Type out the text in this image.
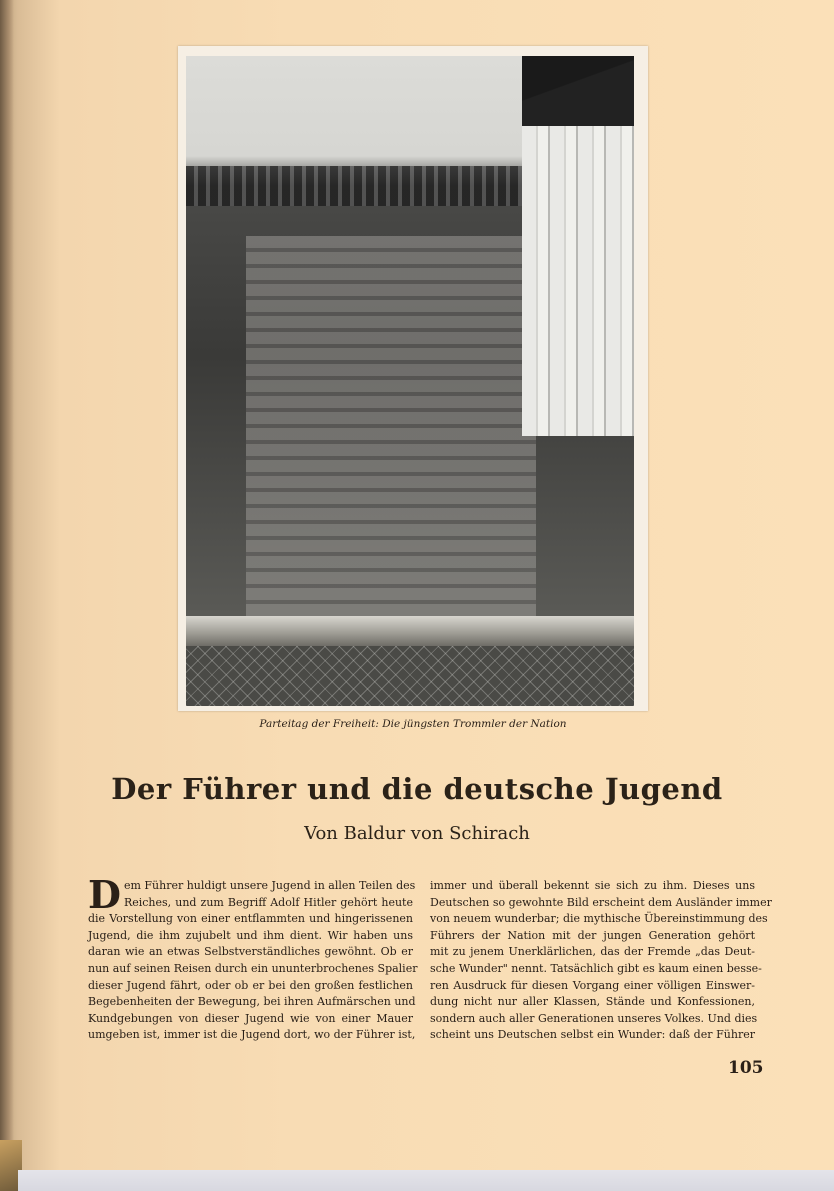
Parteitag der Freiheit: Die jüngsten Trommler der Nation
Der Führer und die deutsche Jugend
Von Baldur von Schirach
D em Führer huldigt unsere Jugend in allen Teilen des
Reiches, und zum Begriff Adolf Hitler gehört heute
die Vorstellung von einer entflammten und hingerissenen
Jugend, die ihm zujubelt und ihm dient. Wir haben uns
daran wie an etwas Selbstverständliches gewöhnt. Ob er
nun auf seinen Reisen durch ein ununterbrochenes Spalier
dieser Jugend fährt, oder ob er bei den großen festlichen
Begebenheiten der Bewegung, bei ihren Aufmärschen und
Kundgebungen von dieser Jugend wie von einer Mauer
umgeben ist, immer ist die Jugend dort, wo der Führer ist,
immer und überall bekennt sie sich zu ihm. Dieses uns
Deutschen so gewohnte Bild erscheint dem Ausländer immer
von neuem wunderbar; die mythische Übereinstimmung des
Führers der Nation mit der jungen Generation gehört
mit zu jenem Unerklärlichen, das der Fremde „das Deut-
sche Wunder" nennt. Tatsächlich gibt es kaum einen besse-
ren Ausdruck für diesen Vorgang einer völligen Einswer-
dung nicht nur aller Klassen, Stände und Konfessionen,
sondern auch aller Generationen unseres Volkes. Und dies
scheint uns Deutschen selbst ein Wunder: daß der Führer
105
